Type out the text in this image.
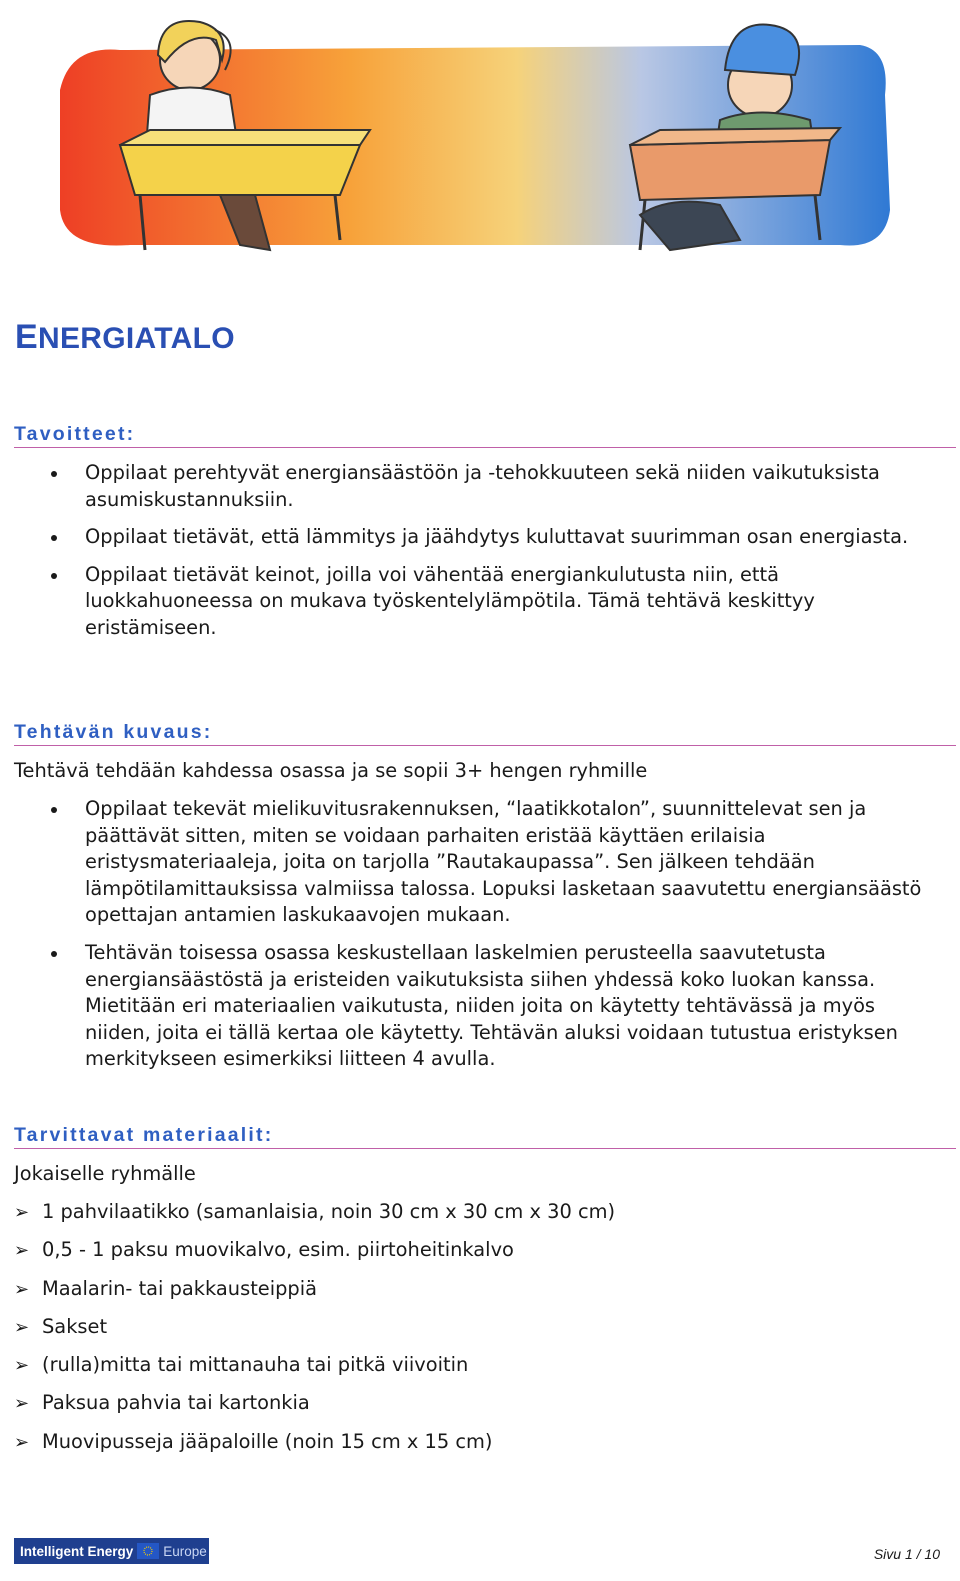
ENERGIATALO
Tavoitteet:
Oppilaat perehtyvät energiansäästöön ja -tehokkuuteen sekä niiden vaikutuksista asumiskustannuksiin.
Oppilaat tietävät, että lämmitys ja jäähdytys kuluttavat suurimman osan energiasta.
Oppilaat tietävät keinot, joilla voi vähentää energiankulutusta niin, että luokkahuoneessa on mukava työskentelylämpötila. Tämä tehtävä keskittyy eristämiseen.
Tehtävän kuvaus:

Tehtävä tehdään kahdessa osassa ja se sopii 3+ hengen ryhmille

Oppilaat tekevät mielikuvitusrakennuksen, “laatikkotalon”, suunnittelevat sen ja päättävät sitten, miten se voidaan parhaiten eristää käyttäen erilaisia eristysmateriaaleja, joita on tarjolla ”Rautakaupassa”. Sen jälkeen tehdään lämpötilamittauksissa valmiissa talossa. Lopuksi lasketaan saavutettu energiansäästö opettajan antamien laskukaavojen mukaan.
Tehtävän toisessa osassa keskustellaan laskelmien perusteella saavutetusta energiansäästöstä ja eristeiden vaikutuksista siihen yhdessä koko luokan kanssa. Mietitään eri materiaalien vaikutusta, niiden joita on käytetty tehtävässä ja myös niiden, joita ei tällä kertaa ole käytetty. Tehtävän aluksi voidaan tutustua eristyksen merkitykseen esimerkiksi liitteen 4 avulla.
Tarvittavat materiaalit:

Jokaiselle ryhmälle

➢ 1 pahvilaatikko (samanlaisia, noin 30 cm x 30 cm x 30 cm)
➢ 0,5 - 1 paksu muovikalvo, esim. piirtoheitinkalvo
➢ Maalarin- tai pakkausteippiä
➢ Sakset
➢ (rulla)mitta tai mittanauha tai pitkä viivoitin
➢ Paksua pahvia tai kartonkia
➢ Muovipusseja jääpaloille (noin 15 cm x 15 cm)
Intelligent Energy Europe	Sivu 1 / 10
